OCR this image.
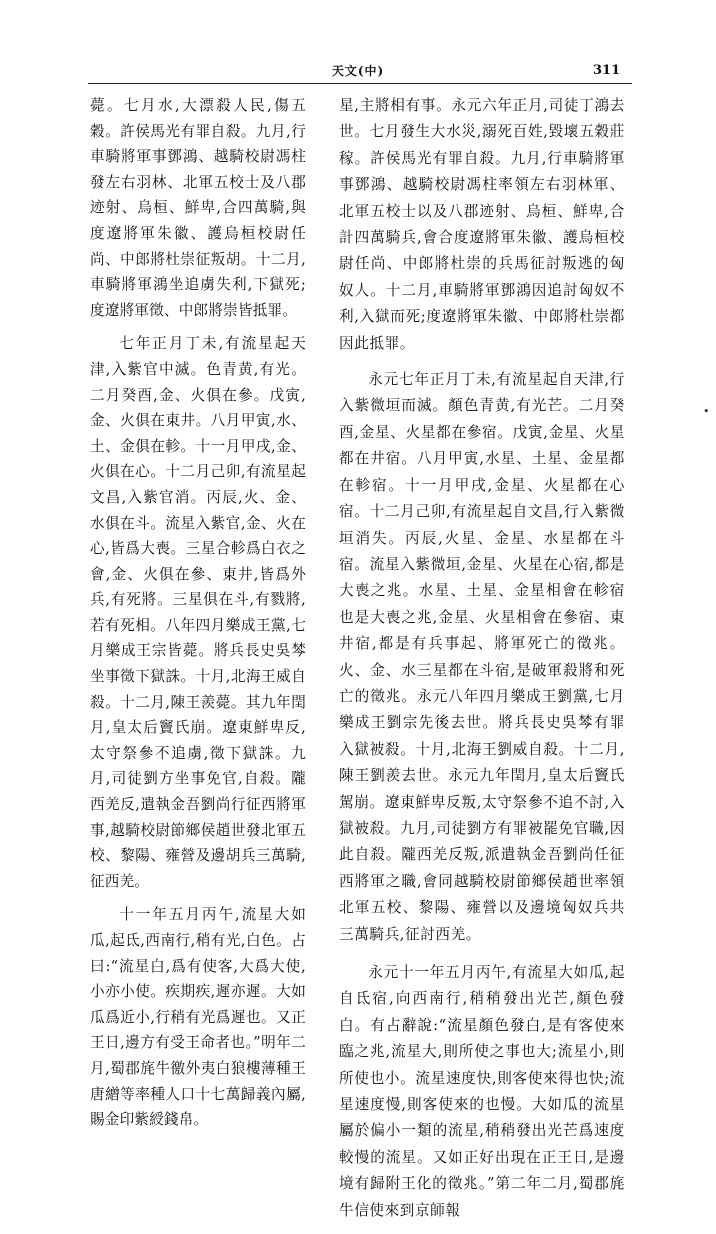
天文(中)	311

薨。七月水,大漂殺人民,傷五穀。許侯馬光有罪自殺。九月,行車騎將軍事鄧鴻、越騎校尉馮柱發左右羽林、北軍五校士及八郡迹射、烏桓、鮮卑,合四萬騎,與度遼將軍朱徽、護烏桓校尉任尚、中郎將杜崇征叛胡。十二月,車騎將軍鴻坐追虜失利,下獄死;度遼將軍徵、中郎將崇皆抵罪。

七年正月丁未,有流星起天津,入紫官中滅。色青黄,有光。二月癸酉,金、火俱在參。戊寅,金、火俱在東井。八月甲寅,水、土、金俱在軫。十一月甲戌,金、火俱在心。十二月己卯,有流星起文昌,入紫官消。丙辰,火、金、水俱在斗。流星入紫官,金、火在心,皆爲大喪。三星合軫爲白衣之會,金、火俱在參、東井,皆爲外兵,有死將。三星俱在斗,有戮將,若有死相。八年四月樂成王黨,七月樂成王宗皆薨。將兵長史吳棽坐事徵下獄誅。十月,北海王威自殺。十二月,陳王羨薨。其九年閏月,皇太后竇氏崩。遼東鮮卑反,太守祭參不追虜,徵下獄誅。九月,司徒劉方坐事免官,自殺。隴西羌反,遣執金吾劉尚行征西將軍事,越騎校尉節鄉侯趙世發北軍五校、黎陽、雍營及邊胡兵三萬騎,征西羌。

十一年五月丙午,流星大如瓜,起氐,西南行,稍有光,白色。占曰:“流星白,爲有使客,大爲大使,小亦小使。疾期疾,遲亦遲。大如瓜爲近小,行稍有光爲遲也。又正王日,邊方有受王命者也。”明年二月,蜀郡旄牛徼外夷白狼樓薄種王唐繒等率種人口十七萬歸義內屬,賜金印紫綬錢帛。

星,主將相有事。永元六年正月,司徒丁鴻去世。七月發生大水災,溺死百姓,毀壞五穀莊稼。許侯馬光有罪自殺。九月,行車騎將軍事鄧鴻、越騎校尉馮柱率領左右羽林軍、北軍五校士以及八郡迹射、烏桓、鮮卑,合計四萬騎兵,會合度遼將軍朱徽、護烏桓校尉任尚、中郎將杜崇的兵馬征討叛逃的匈奴人。十二月,車騎將軍鄧鴻因追討匈奴不利,入獄而死;度遼將軍朱徽、中郎將杜崇都因此抵罪。

永元七年正月丁未,有流星起自天津,行入紫微垣而滅。顏色青黄,有光芒。二月癸酉,金星、火星都在參宿。戊寅,金星、火星都在井宿。八月甲寅,水星、土星、金星都在軫宿。十一月甲戌,金星、火星都在心宿。十二月己卯,有流星起自文昌,行入紫微垣消失。丙辰,火星、金星、水星都在斗宿。流星入紫微垣,金星、火星在心宿,都是大喪之兆。水星、土星、金星相會在軫宿也是大喪之兆,金星、火星相會在參宿、東井宿,都是有兵事起、將軍死亡的徵兆。火、金、水三星都在斗宿,是破軍殺將和死亡的徵兆。永元八年四月樂成王劉黨,七月樂成王劉宗先後去世。將兵長史吳棽有罪入獄被殺。十月,北海王劉威自殺。十二月,陳王劉羨去世。永元九年閏月,皇太后竇氏駕崩。遼東鮮卑反叛,太守祭參不追不討,入獄被殺。九月,司徒劉方有罪被罷免官職,因此自殺。隴西羌反叛,派遣執金吾劉尚任征西將軍之職,會同越騎校尉節鄉侯趙世率領北軍五校、黎陽、雍營以及邊境匈奴兵共三萬騎兵,征討西羌。

永元十一年五月丙午,有流星大如瓜,起自氐宿,向西南行,稍稍發出光芒,顏色發白。有占辭說:“流星顏色發白,是有客使來臨之兆,流星大,則所使之事也大;流星小,則所使也小。流星速度快,則客使來得也快;流星速度慢,則客使來的也慢。大如瓜的流星屬於偏小一類的流星,稍稍發出光芒爲速度較慢的流星。又如正好出現在正王日,是邊境有歸附王化的徵兆。”第二年二月,蜀郡旄牛信使來到京師報

•
